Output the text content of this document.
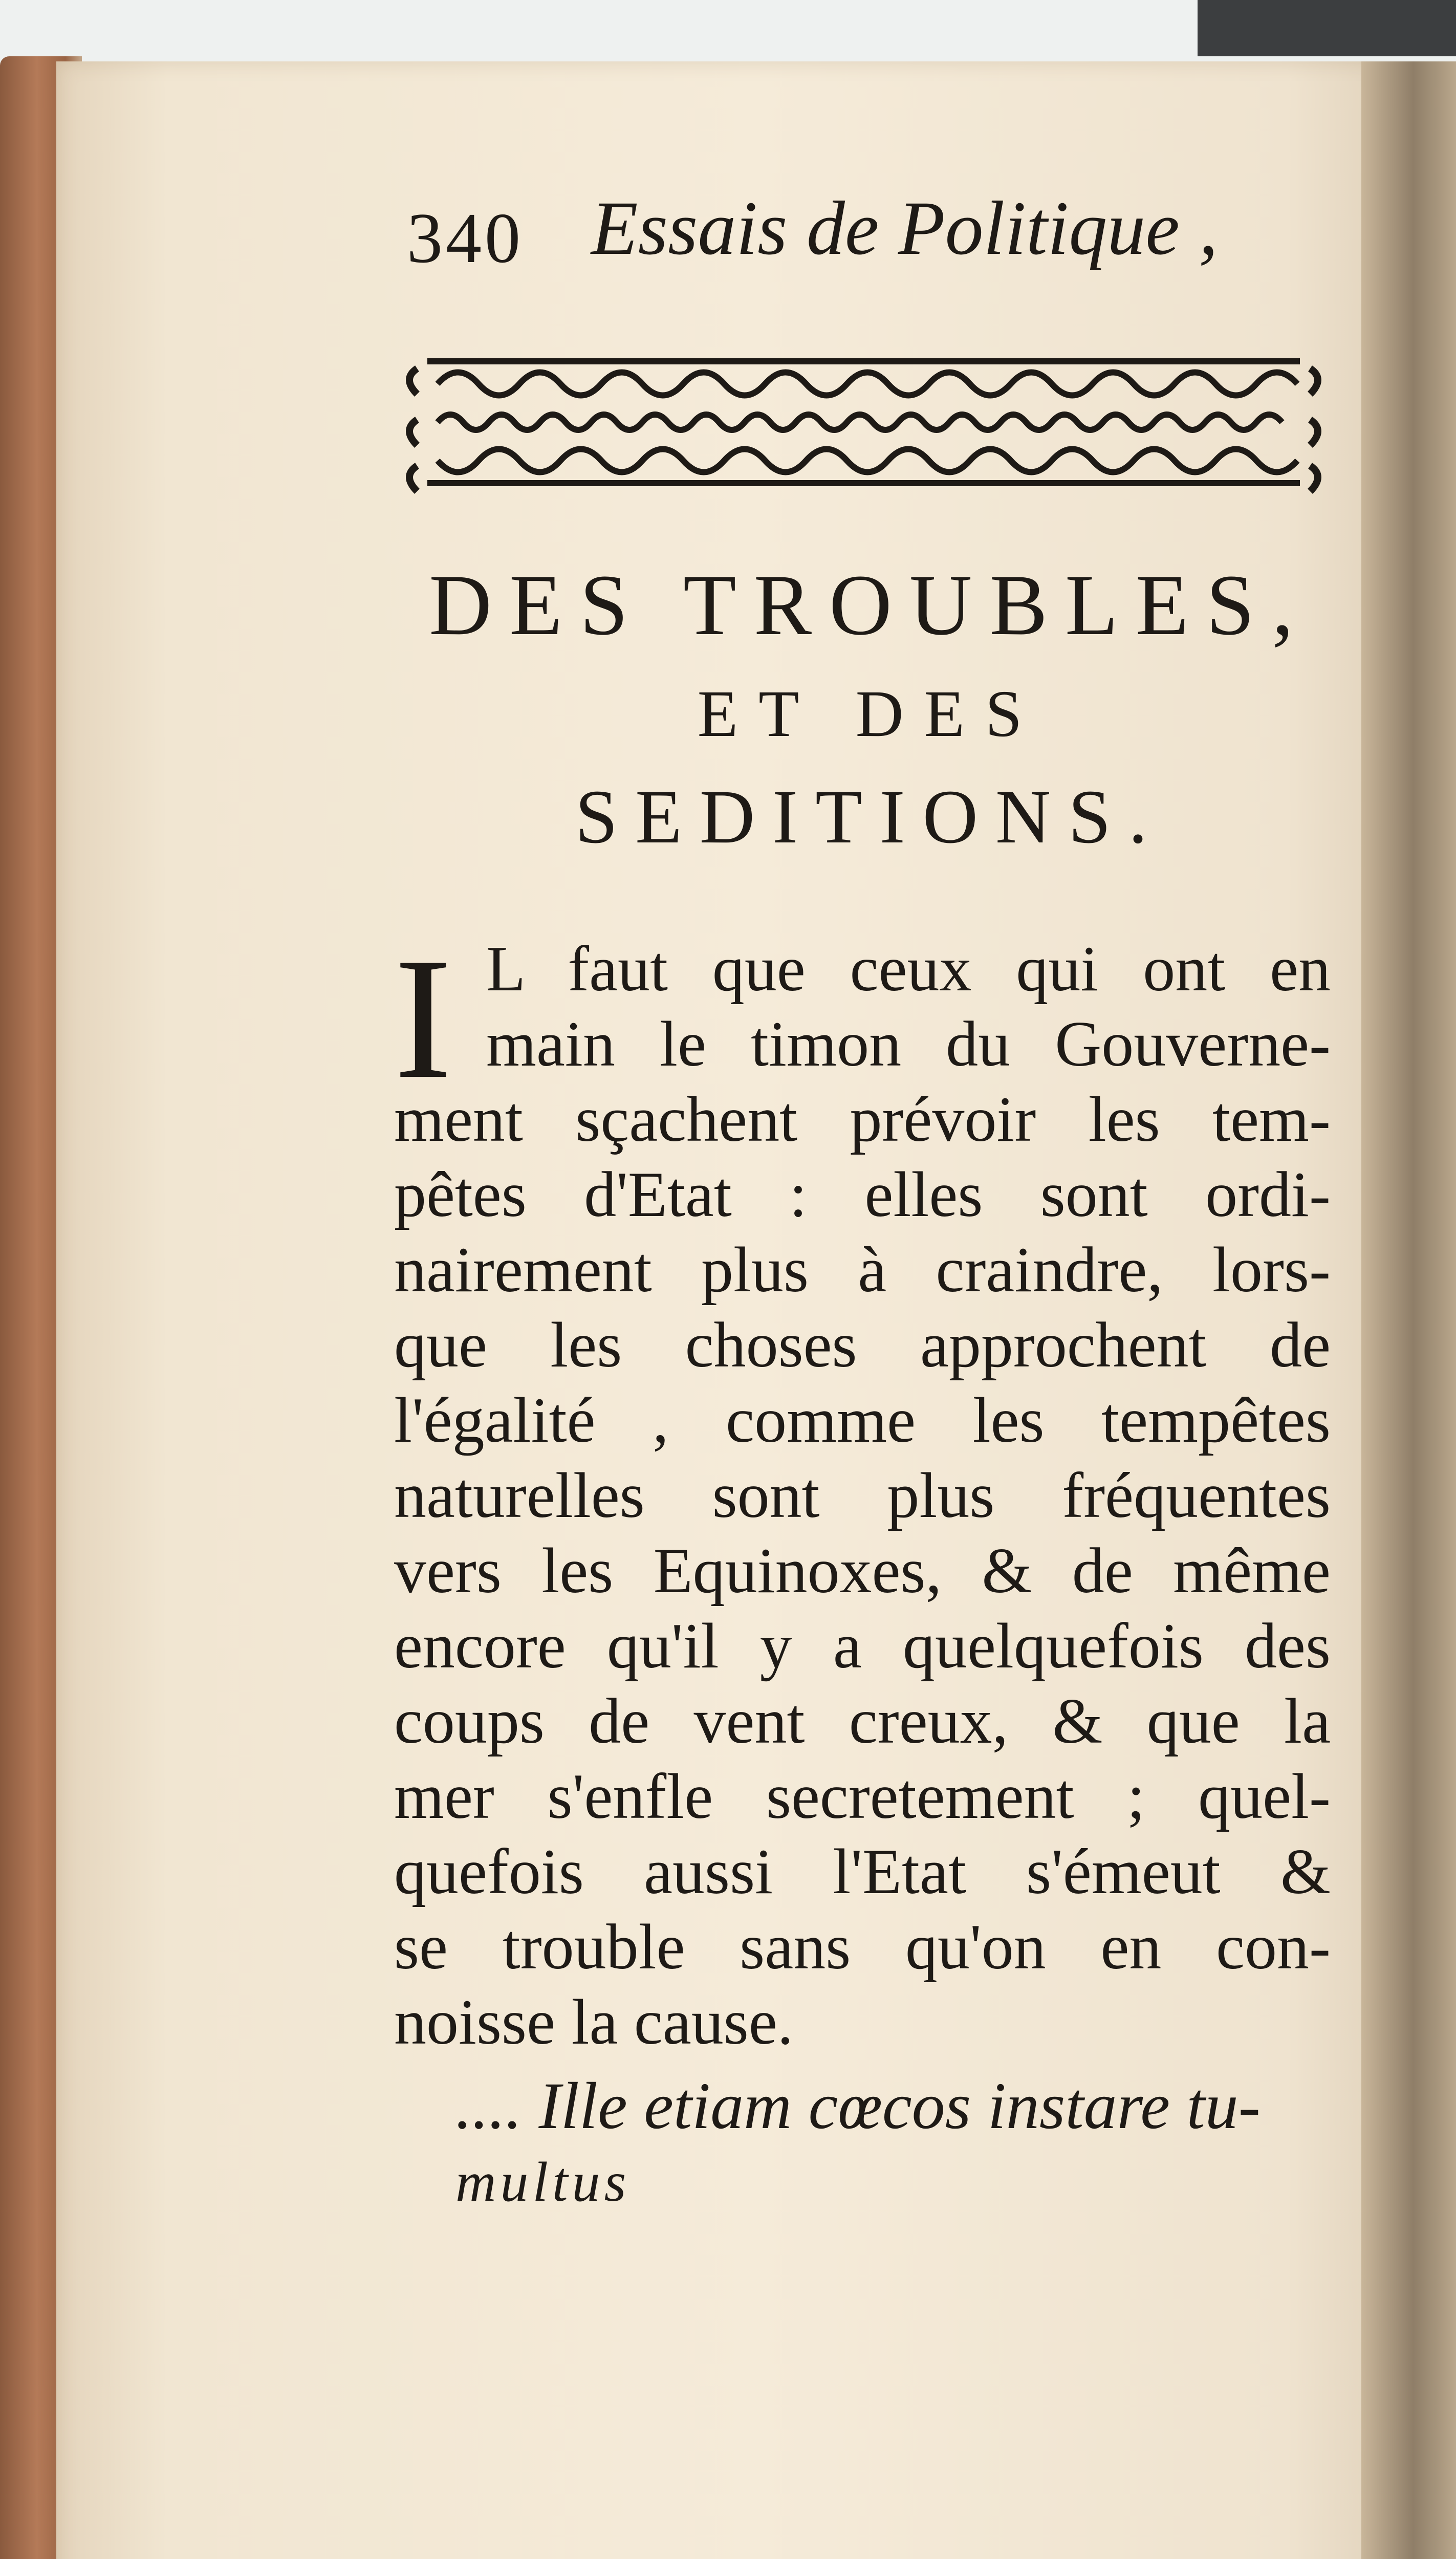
340 Essais de Politique ,
DES TROUBLES,
ET DES
SEDITIONS.
I L faut que ceux qui ont en
main le timon du Gouverne-
ment sçachent prévoir les tem-
pêtes d'Etat : elles sont ordi-
nairement plus à craindre, lors-
que les choses approchent de
l'égalité , comme les tempêtes
naturelles sont plus fréquentes
vers les Equinoxes, & de même
encore qu'il y a quelquefois des
coups de vent creux, & que la
mer s'enfle secretement ; quel-
quefois aussi l'Etat s'émeut &
se trouble sans qu'on en con-
noisse la cause.
.... Ille etiam cœcos instare tu-
multus
